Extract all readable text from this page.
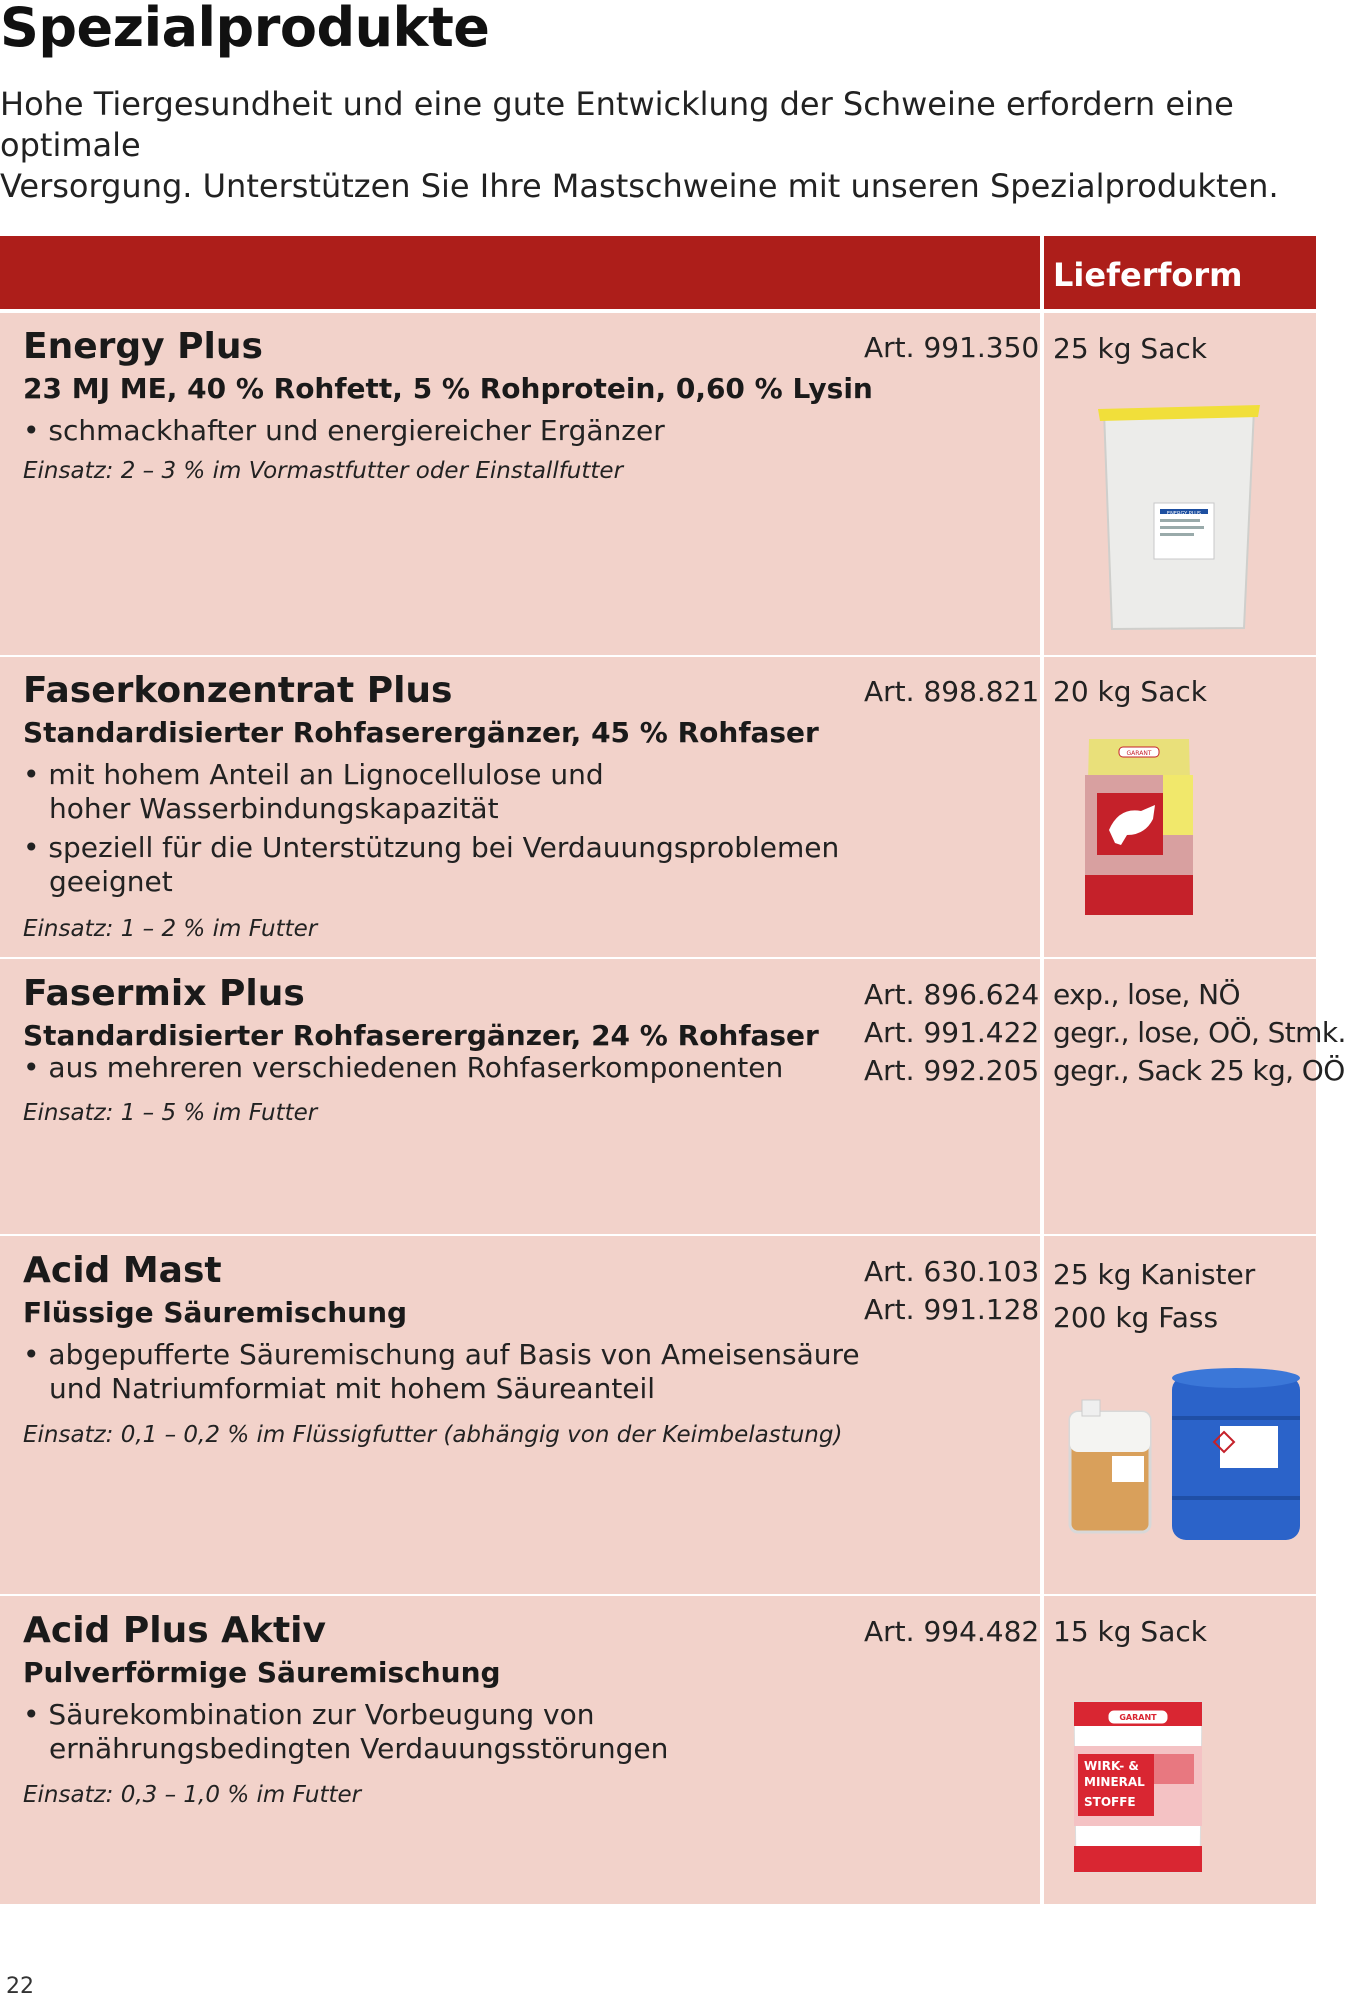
Spezialprodukte
Hohe Tiergesundheit und eine gute Entwicklung der Schweine erfordern eine optimale
Versorgung. Unterstützen Sie Ihre Mastschweine mit unseren Spezialprodukten.
Lieferform
25 kg Sack
ENERGY PLUS
20 kg Sack
GARANT
15 kg Sack
GARANT
WIRK- &
MINERAL
STOFFE
Energy Plus
23 MJ ME, 40 % Rohfett, 5 % Rohprotein, 0,60 % Lysin
• schmackhafter und energiereicher Ergänzer
Einsatz: 2 – 3 % im Vormastfutter oder Einstallfutter
Art. 991.350
Faserkonzentrat Plus
Standardisierter Rohfaserergänzer, 45 % Rohfaser
• mit hohem Anteil an Lignocellulose und
hoher Wasserbindungskapazität
• speziell für die Unterstützung bei Verdauungsproblemen
geeignet
Einsatz: 1 – 2 % im Futter
Art. 898.821
Fasermix Plus
Standardisierter Rohfaserergänzer, 24 % Rohfaser
• aus mehreren verschiedenen Rohfaserkomponenten
Einsatz: 1 – 5 % im Futter
Art. 896.624
Art. 991.422
Art. 992.205
exp., lose, NÖ
gegr., lose, OÖ, Stmk.
gegr., Sack 25 kg, OÖ
Acid Mast
Flüssige Säuremischung
• abgepufferte Säuremischung auf Basis von Ameisensäure
und Natriumformiat mit hohem Säureanteil
Einsatz: 0,1 – 0,2 % im Flüssigfutter (abhängig von der Keimbelastung)
Art. 630.103
Art. 991.128
25 kg Kanister
200 kg Fass
Acid Plus Aktiv
Pulverförmige Säuremischung
• Säurekombination zur Vorbeugung von
ernährungsbedingten Verdauungsstörungen
Einsatz: 0,3 – 1,0 % im Futter
Art. 994.482
22
